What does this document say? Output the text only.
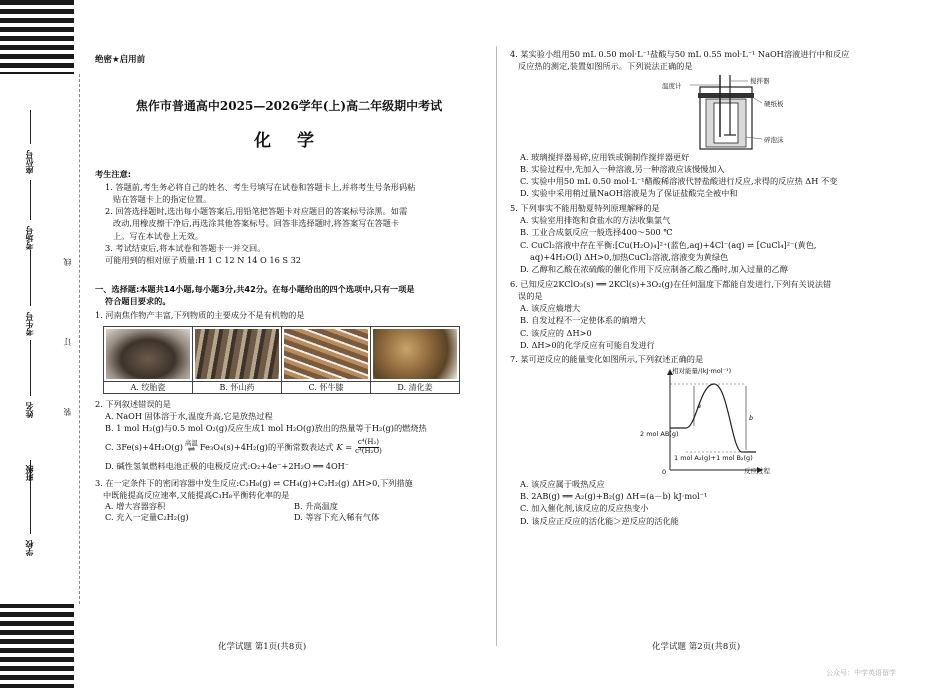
学校
班级
姓名
考生号
考场号
座位号
线
订
装

绝密★启用前

焦作市普通高中2025—2026学年(上)高二年级期中考试

化 学

考生注意:

1. 答题前,考生务必将自己的姓名、考生号填写在试卷和答题卡上,并将考生号条形码粘

贴在答题卡上的指定位置。

2. 回答选择题时,选出每小题答案后,用铅笔把答题卡对应题目的答案标号涂黑。如需

改动,用橡皮擦干净后,再选涂其他答案标号。回答非选择题时,将答案写在答题卡

上。写在本试卷上无效。

3. 考试结束后,将本试卷和答题卡一并交回。

可能用到的相对原子质量:H 1 C 12 N 14 O 16 S 32

一、选择题:本题共14小题,每小题3分,共42分。在每小题给出的四个选项中,只有一项是

符合题目要求的。

1. 河南焦作物产丰富,下列物质的主要成分不是有机物的是

A. 绞胎瓷	B. 怀山药	C. 怀牛膝	D. 清化姜

2. 下列叙述错误的是

A. NaOH 固体溶于水,温度升高,它是放热过程

B. 1 mol H₂(g)与0.5 mol O₂(g)反应生成1 mol H₂O(g)放出的热量等于H₂(g)的燃烧热

C. 3Fe(s)+4H₂O(g) 高温
⇌ Fe₃O₄(s)+4H₂(g)的平衡常数表达式 $K = \frac{\text{c⁴(H₂)}}{\text{c⁴(H₂O)}}$

D. 碱性氢氧燃料电池正极的电极反应式:O₂+4e⁻+2H₂O ══ 4OH⁻

3. 在一定条件下的密闭容器中发生反应:C₃H₈(g) ⇌ CH₄(g)+C₂H₂(g) ΔH>0,下列措施

中既能提高反应速率,又能提高C₃H₈平衡转化率的是

A. 增大容器容积	B. 升高温度
C. 充入一定量C₂H₂(g)	D. 等容下充入稀有气体
化学试题 第1页(共8页)

4. 某实验小组用50 mL 0.50 mol·L⁻¹盐酸与50 mL 0.55 mol·L⁻¹ NaOH溶液进行中和反应

反应热的测定,装置如图所示。下列说法正确的是

温度计
搅拌器
硬纸板
碎泡沫

A. 玻璃搅拌器易碎,应用铁或铜制作搅拌器更好

B. 实验过程中,先加入一种溶液,另一种溶液应该慢慢加入

C. 实验中用50 mL 0.50 mol·L⁻¹醋酸稀溶液代替盐酸进行反应,求得的反应热 ΔH 不变

D. 实验中采用稍过量NaOH溶液是为了保证盐酸完全被中和

5. 下列事实不能用勒夏特列原理解释的是

A. 实验室用排饱和食盐水的方法收集氯气

B. 工业合成氨反应一般选择400～500 ℃

C. CuCl₂溶液中存在平衡:[Cu(H₂O)₄]²⁺(蓝色,aq)+4Cl⁻(aq) ⇌ [CuCl₄]²⁻(黄色,

aq)+4H₂O(l) ΔH>0,加热CuCl₂溶液,溶液变为黄绿色

D. 乙醇和乙酸在浓硫酸的催化作用下反应制备乙酸乙酯时,加入过量的乙醇

6. 已知反应2KClO₃(s) ══ 2KCl(s)+3O₂(g)在任何温度下都能自发进行,下列有关说法错

误的是

A. 该反应熵增大

B. 自发过程不一定使体系的熵增大

C. 该反应的 ΔH>0

D. ΔH>0的化学反应有可能自发进行

7. 某可逆反应的能量变化如图所示,下列叙述正确的是

相对能量/(kJ·mol⁻¹)
反应过程
0
a
b
2 mol AB(g)
1 mol A₂(g)+1 mol B₂(g)

A. 该反应属于吸热反应

B. 2AB(g) ══ A₂(g)+B₂(g) ΔH=(a－b) kJ·mol⁻¹

C. 加入催化剂,该反应的反应热变小

D. 该反应正反应的活化能＞逆反应的活化能

化学试题 第2页(共8页)
公众号：中学英语留学
